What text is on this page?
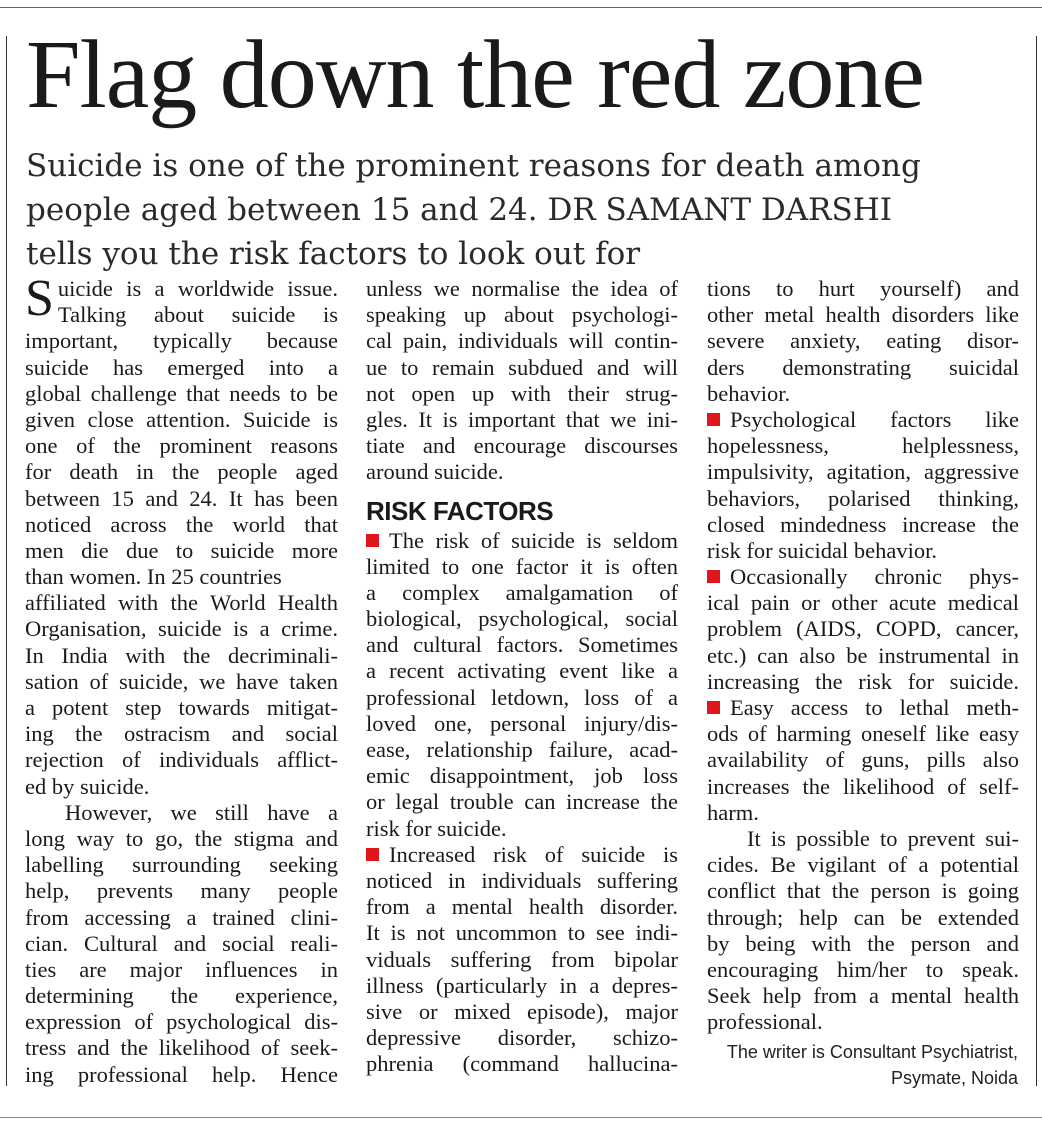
Flag down the red zone
Suicide is one of the prominent reasons for death among
people aged between 15 and 24. DR SAMANT DARSHI
tells you the risk factors to look out for
S uicide is a worldwide issue.
Talking about suicide is
important, typically because
suicide has emerged into a
global challenge that needs to be
given close attention. Suicide is
one of the prominent reasons
for death in the people aged
between 15 and 24. It has been
noticed across the world that
men die due to suicide more
than women. In 25 countries
affiliated with the World Health
Organisation, suicide is a crime.
In India with the decriminali-
sation of suicide, we have taken
a potent step towards mitigat-
ing the ostracism and social
rejection of individuals afflict-
ed by suicide.
However, we still have a
long way to go, the stigma and
labelling surrounding seeking
help, prevents many people
from accessing a trained clini-
cian. Cultural and social reali-
ties are major influences in
determining the experience,
expression of psychological dis-
tress and the likelihood of seek-
ing professional help. Hence
unless we normalise the idea of
speaking up about psychologi-
cal pain, individuals will contin-
ue to remain subdued and will
not open up with their strug-
gles. It is important that we ini-
tiate and encourage discourses
around suicide.
RISK FACTORS
The risk of suicide is seldom
limited to one factor it is often
a complex amalgamation of
biological, psychological, social
and cultural factors. Sometimes
a recent activating event like a
professional letdown, loss of a
loved one, personal injury/dis-
ease, relationship failure, acad-
emic disappointment, job loss
or legal trouble can increase the
risk for suicide.
Increased risk of suicide is
noticed in individuals suffering
from a mental health disorder.
It is not uncommon to see indi-
viduals suffering from bipolar
illness (particularly in a depres-
sive or mixed episode), major
depressive disorder, schizo-
phrenia (command hallucina-
tions to hurt yourself) and
other metal health disorders like
severe anxiety, eating disor-
ders demonstrating suicidal
behavior.
Psychological factors like
hopelessness, helplessness,
impulsivity, agitation, aggressive
behaviors, polarised thinking,
closed mindedness increase the
risk for suicidal behavior.
Occasionally chronic phys-
ical pain or other acute medical
problem (AIDS, COPD, cancer,
etc.) can also be instrumental in
increasing the risk for suicide.
Easy access to lethal meth-
ods of harming oneself like easy
availability of guns, pills also
increases the likelihood of self-
harm.
It is possible to prevent sui-
cides. Be vigilant of a potential
conflict that the person is going
through; help can be extended
by being with the person and
encouraging him/her to speak.
Seek help from a mental health
professional.
The writer is Consultant Psychiatrist,
Psymate, Noida
